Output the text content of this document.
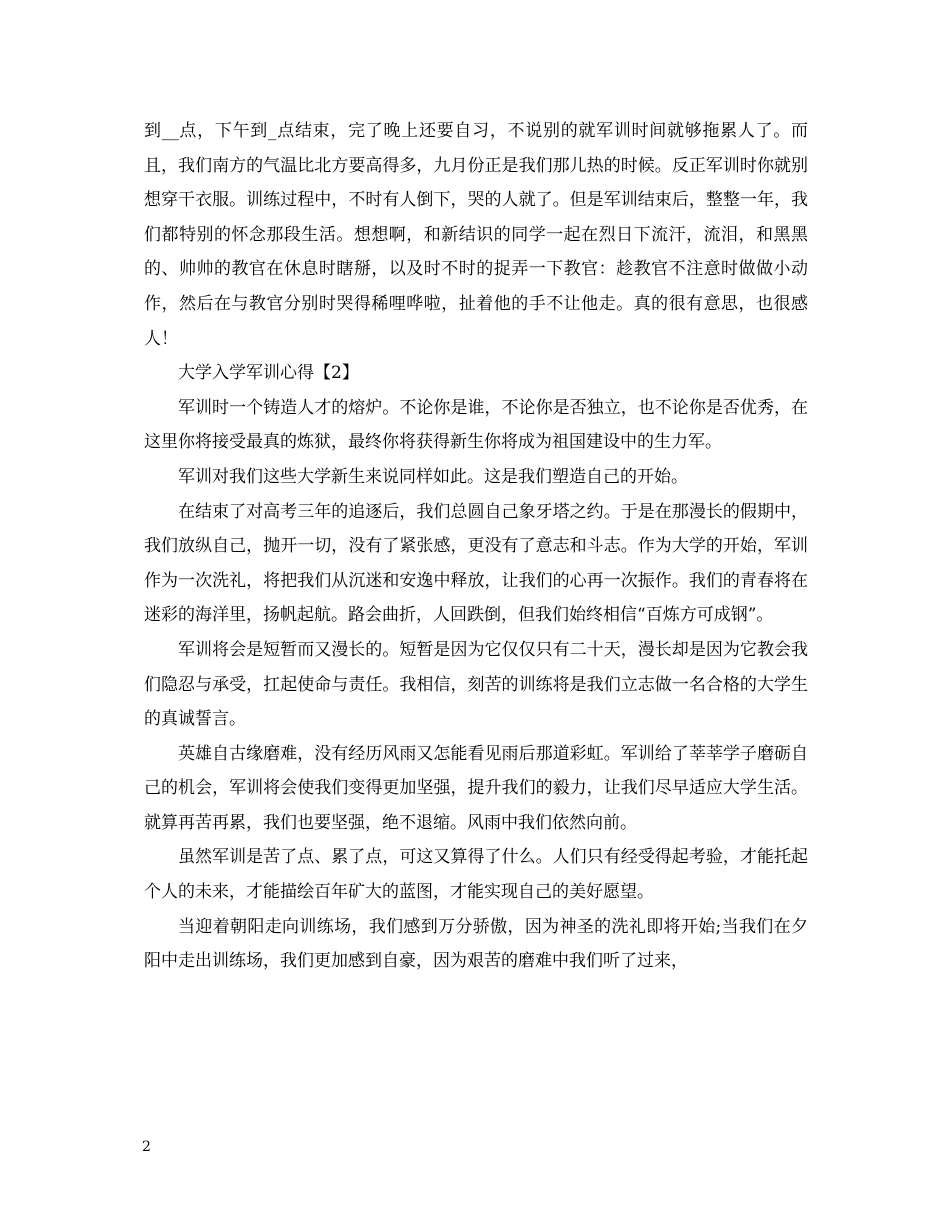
到__点，下午到_点结束，完了晚上还要自习，不说别的就军训时间就够拖累人了。而且，我们南方的气温比北方要高得多，九月份正是我们那儿热的时候。反正军训时你就别想穿干衣服。训练过程中，不时有人倒下，哭的人就了。但是军训结束后，整整一年，我们都特别的怀念那段生活。想想啊，和新结识的同学一起在烈日下流汗，流泪，和黑黑的、帅帅的教官在休息时瞎掰，以及时不时的捉弄一下教官：趁教官不注意时做做小动作，然后在与教官分别时哭得稀哩哗啦，扯着他的手不让他走。真的很有意思，也很感人！

大学入学军训心得【2】

军训时一个铸造人才的熔炉。不论你是谁，不论你是否独立，也不论你是否优秀，在这里你将接受最真的炼狱，最终你将获得新生你将成为祖国建设中的生力军。

军训对我们这些大学新生来说同样如此。这是我们塑造自己的开始。

在结束了对高考三年的追逐后，我们总圆自己象牙塔之约。于是在那漫长的假期中，我们放纵自己，抛开一切，没有了紧张感，更没有了意志和斗志。作为大学的开始，军训作为一次洗礼，将把我们从沉迷和安逸中释放，让我们的心再一次振作。我们的青春将在迷彩的海洋里，扬帆起航。路会曲折，人回跌倒，但我们始终相信“百炼方可成钢”。

军训将会是短暂而又漫长的。短暂是因为它仅仅只有二十天，漫长却是因为它教会我们隐忍与承受，扛起使命与责任。我相信，刻苦的训练将是我们立志做一名合格的大学生的真诚誓言。

英雄自古缘磨难，没有经历风雨又怎能看见雨后那道彩虹。军训给了莘莘学子磨砺自己的机会，军训将会使我们变得更加坚强，提升我们的毅力，让我们尽早适应大学生活。就算再苦再累，我们也要坚强，绝不退缩。风雨中我们依然向前。

虽然军训是苦了点、累了点，可这又算得了什么。人们只有经受得起考验，才能托起个人的未来，才能描绘百年矿大的蓝图，才能实现自己的美好愿望。

当迎着朝阳走向训练场，我们感到万分骄傲，因为神圣的洗礼即将开始;当我们在夕阳中走出训练场，我们更加感到自豪，因为艰苦的磨难中我们听了过来，

2
